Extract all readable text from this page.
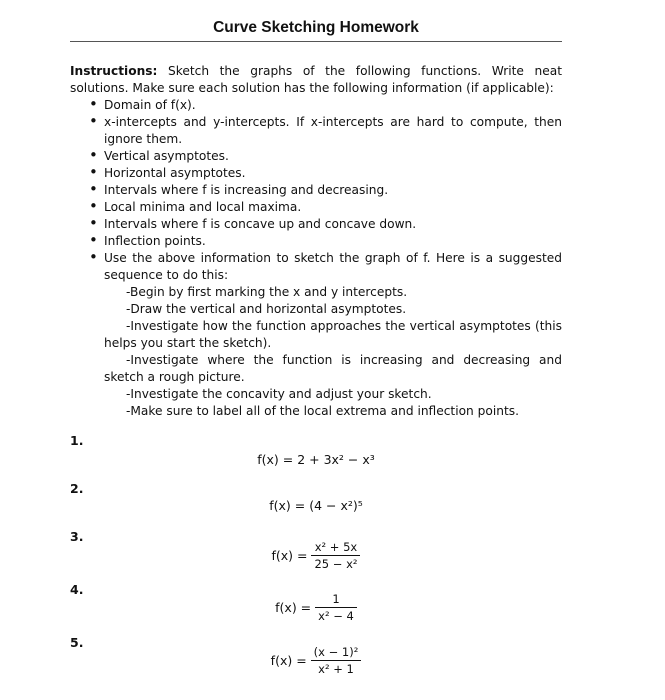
Curve Sketching Homework
Instructions: Sketch the graphs of the following functions. Write neat solutions. Make sure each solution has the following information (if applicable):
• Domain of f(x).
• x-intercepts and y-intercepts. If x-intercepts are hard to compute, then ignore them.
• Vertical asymptotes.
• Horizontal asymptotes.
• Intervals where f is increasing and decreasing.
• Local minima and local maxima.
• Intervals where f is concave up and concave down.
• Inflection points.
• Use the above information to sketch the graph of f. Here is a suggested sequence to do this:
-Begin by first marking the x and y intercepts.
-Draw the vertical and horizontal asymptotes.
-Investigate how the function approaches the vertical asymptotes (this helps you start the sketch).
-Investigate where the function is increasing and decreasing and sketch a rough picture.
-Investigate the concavity and adjust your sketch.
-Make sure to label all of the local extrema and inflection points.
1.
f(x) = 2 + 3x² − x³
2.
f(x) = (4 − x²)⁵
3.
$f(x) = \frac{\text{x² + 5x}}{\text{25 − x²}}$
4.
$f(x) = \frac{1}{\text{x² − 4}}$
5.
$f(x) = \frac{\text{(x − 1)²}}{\text{x² + 1}}$
